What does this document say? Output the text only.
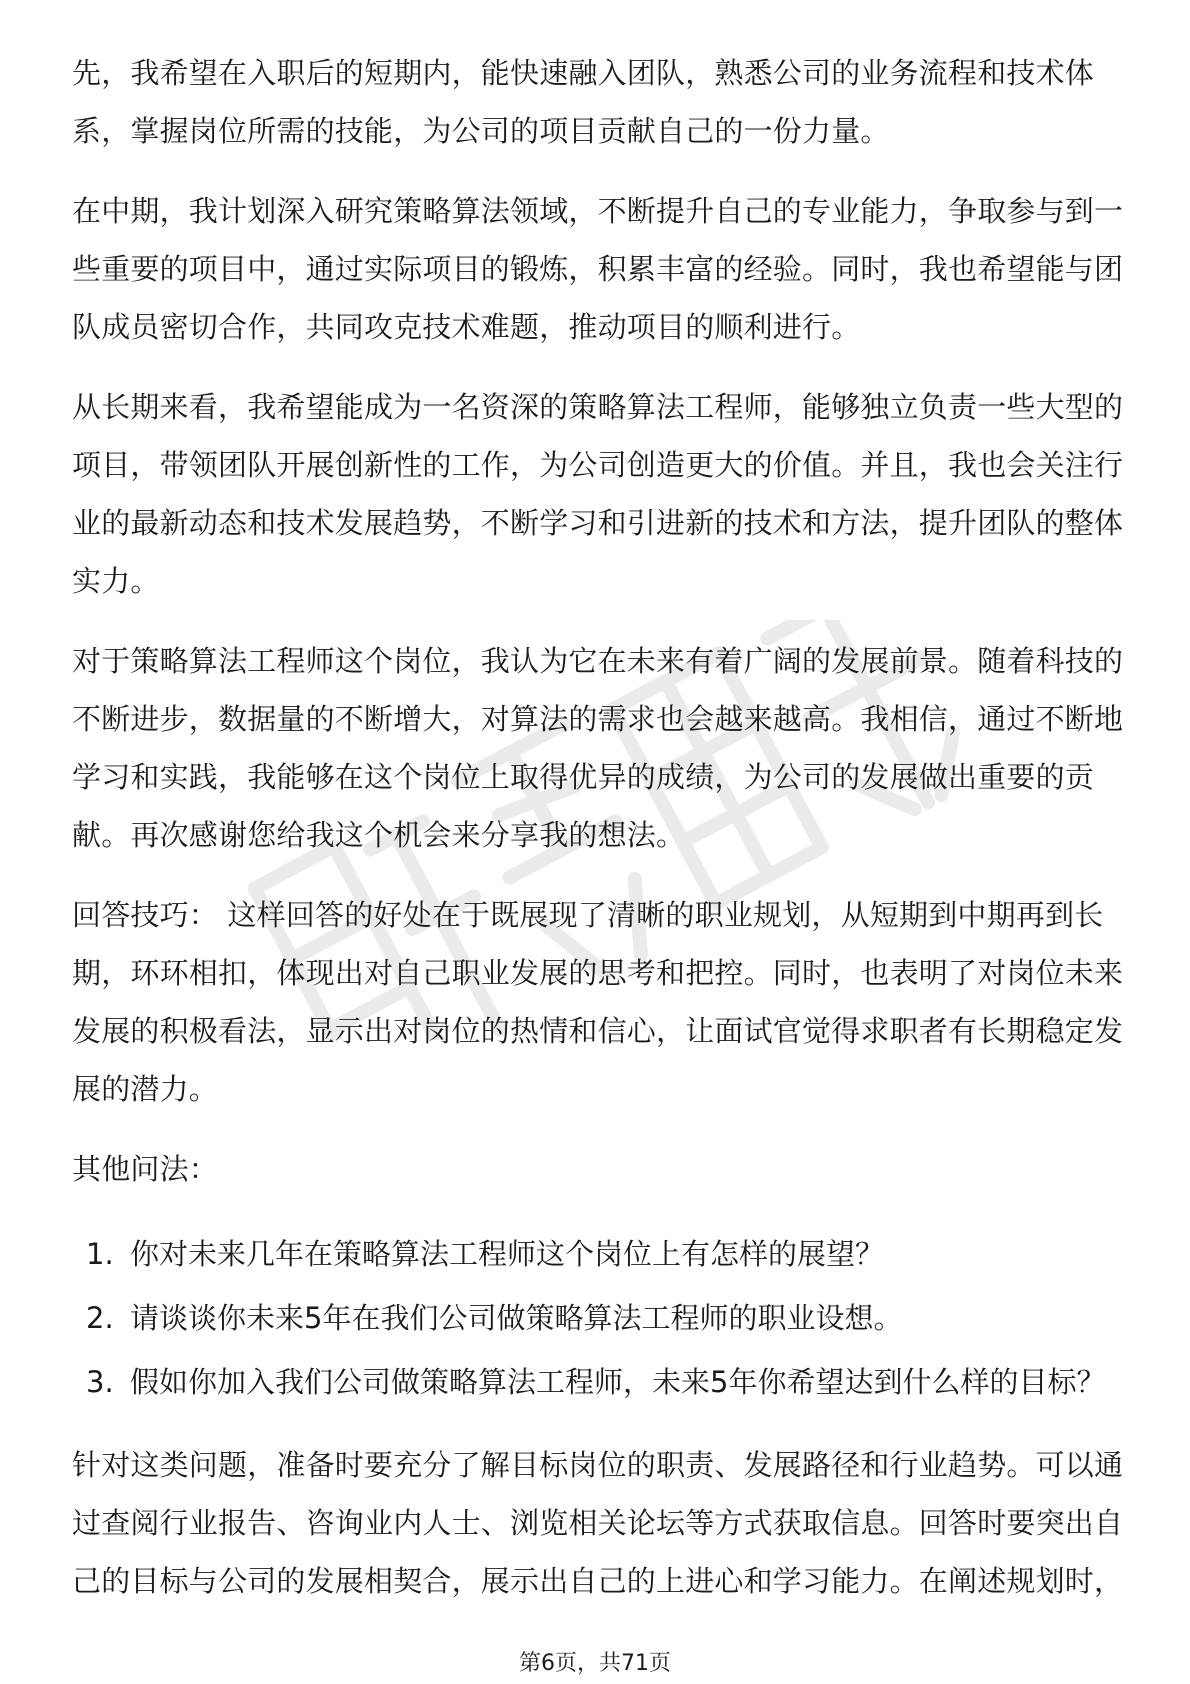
先，我希望在入职后的短期内，能快速融入团队，熟悉公司的业务流程和技术体系，掌握岗位所需的技能，为公司的项目贡献自己的一份力量。

在中期，我计划深入研究策略算法领域，不断提升自己的专业能力，争取参与到一些重要的项目中，通过实际项目的锻炼，积累丰富的经验。同时，我也希望能与团队成员密切合作，共同攻克技术难题，推动项目的顺利进行。

从长期来看，我希望能成为一名资深的策略算法工程师，能够独立负责一些大型的项目，带领团队开展创新性的工作，为公司创造更大的价值。并且，我也会关注行业的最新动态和技术发展趋势，不断学习和引进新的技术和方法，提升团队的整体实力。

对于策略算法工程师这个岗位，我认为它在未来有着广阔的发展前景。随着科技的不断进步，数据量的不断增大，对算法的需求也会越来越高。我相信，通过不断地学习和实践，我能够在这个岗位上取得优异的成绩，为公司的发展做出重要的贡献。再次感谢您给我这个机会来分享我的想法。

回答技巧： 这样回答的好处在于既展现了清晰的职业规划，从短期到中期再到长期，环环相扣，体现出对自己职业发展的思考和把控。同时，也表明了对岗位未来发展的积极看法，显示出对岗位的热情和信心，让面试官觉得求职者有长期稳定发展的潜力。

其他问法：

1. 你对未来几年在策略算法工程师这个岗位上有怎样的展望？
2. 请谈谈你未来5年在我们公司做策略算法工程师的职业设想。
3. 假如你加入我们公司做策略算法工程师，未来5年你希望达到什么样的目标？

针对这类问题，准备时要充分了解目标岗位的职责、发展路径和行业趋势。可以通过查阅行业报告、咨询业内人士、浏览相关论坛等方式获取信息。回答时要突出自己的目标与公司的发展相契合，展示出自己的上进心和学习能力。在阐述规划时，

第6页，共71页
